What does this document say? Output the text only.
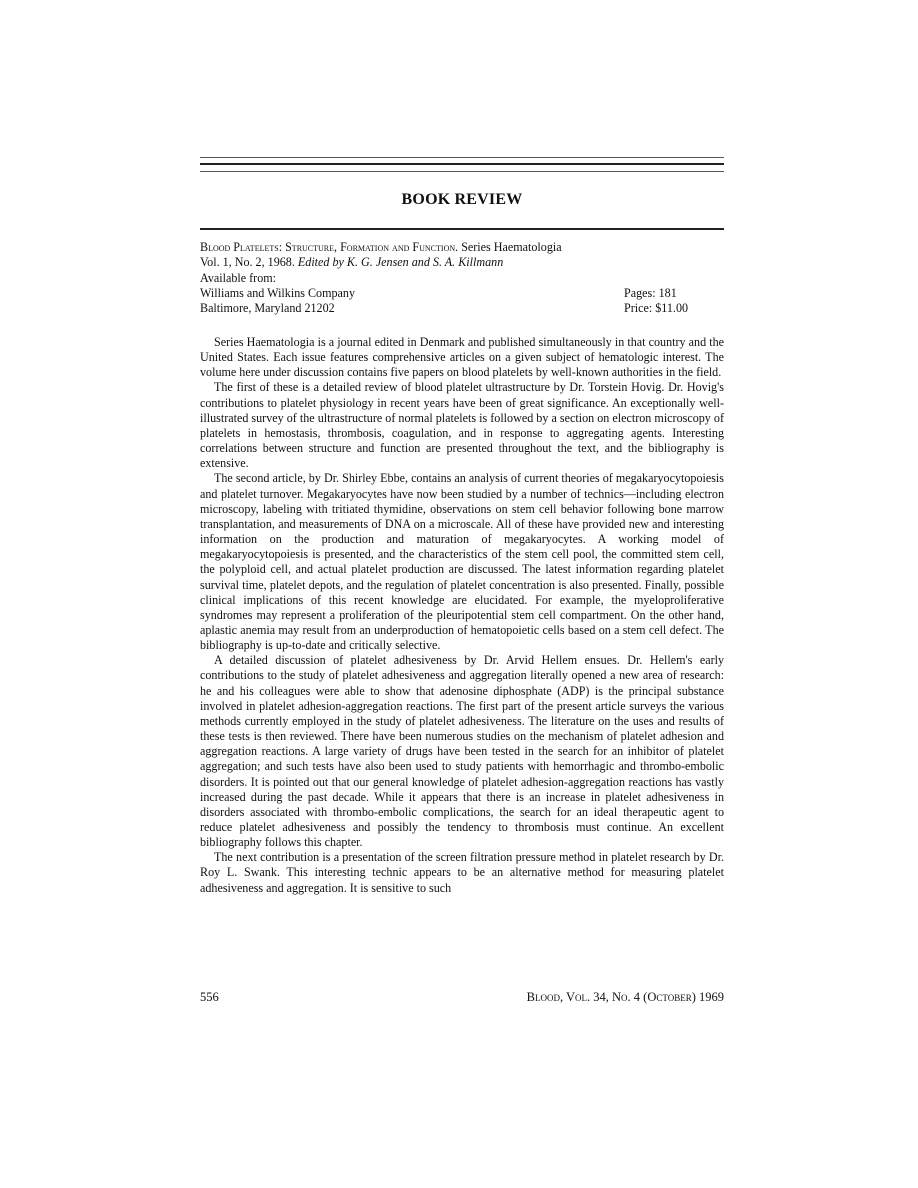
BOOK REVIEW
Blood Platelets: Structure, Formation and Function. Series Haematologia
Vol. 1, No. 2, 1968. Edited by K. G. Jensen and S. A. Killmann
Available from:
Williams and Wilkins Company	Pages: 181
Baltimore, Maryland 21202	Price: $11.00

Series Haematologia is a journal edited in Denmark and published simultaneously in that country and the United States. Each issue features comprehensive articles on a given subject of hematologic interest. The volume here under discussion contains five papers on blood platelets by well-known authorities in the field.

The first of these is a detailed review of blood platelet ultrastructure by Dr. Torstein Hovig. Dr. Hovig's contributions to platelet physiology in recent years have been of great significance. An exceptionally well-illustrated survey of the ultrastructure of normal platelets is followed by a section on electron microscopy of platelets in hemostasis, thrombosis, coagulation, and in response to aggregating agents. Interesting correlations between structure and function are presented throughout the text, and the bibliography is extensive.

The second article, by Dr. Shirley Ebbe, contains an analysis of current theories of megakaryocytopoiesis and platelet turnover. Megakaryocytes have now been studied by a number of technics—including electron microscopy, labeling with tritiated thymidine, observations on stem cell behavior following bone marrow transplantation, and measurements of DNA on a microscale. All of these have provided new and interesting information on the production and maturation of megakaryocytes. A working model of megakaryocytopoiesis is presented, and the characteristics of the stem cell pool, the committed stem cell, the polyploid cell, and actual platelet production are discussed. The latest information regarding platelet survival time, platelet depots, and the regulation of platelet concentration is also presented. Finally, possible clinical implications of this recent knowledge are elucidated. For example, the myeloproliferative syndromes may represent a proliferation of the pleuripotential stem cell compartment. On the other hand, aplastic anemia may result from an underproduction of hematopoietic cells based on a stem cell defect. The bibliography is up-to-date and critically selective.

A detailed discussion of platelet adhesiveness by Dr. Arvid Hellem ensues. Dr. Hellem's early contributions to the study of platelet adhesiveness and aggregation literally opened a new area of research: he and his colleagues were able to show that adenosine diphosphate (ADP) is the principal substance involved in platelet adhesion-aggregation reactions. The first part of the present article surveys the various methods currently employed in the study of platelet adhesiveness. The literature on the uses and results of these tests is then reviewed. There have been numerous studies on the mechanism of platelet adhesion and aggregation reactions. A large variety of drugs have been tested in the search for an inhibitor of platelet aggregation; and such tests have also been used to study patients with hemorrhagic and thrombo-embolic disorders. It is pointed out that our general knowledge of platelet adhesion-aggregation reactions has vastly increased during the past decade. While it appears that there is an increase in platelet adhesiveness in disorders associated with thrombo-embolic complications, the search for an ideal therapeutic agent to reduce platelet adhesiveness and possibly the tendency to thrombosis must continue. An excellent bibliography follows this chapter.

The next contribution is a presentation of the screen filtration pressure method in platelet research by Dr. Roy L. Swank. This interesting technic appears to be an alternative method for measuring platelet adhesiveness and aggregation. It is sensitive to such

556	Blood, Vol. 34, No. 4 (October) 1969
